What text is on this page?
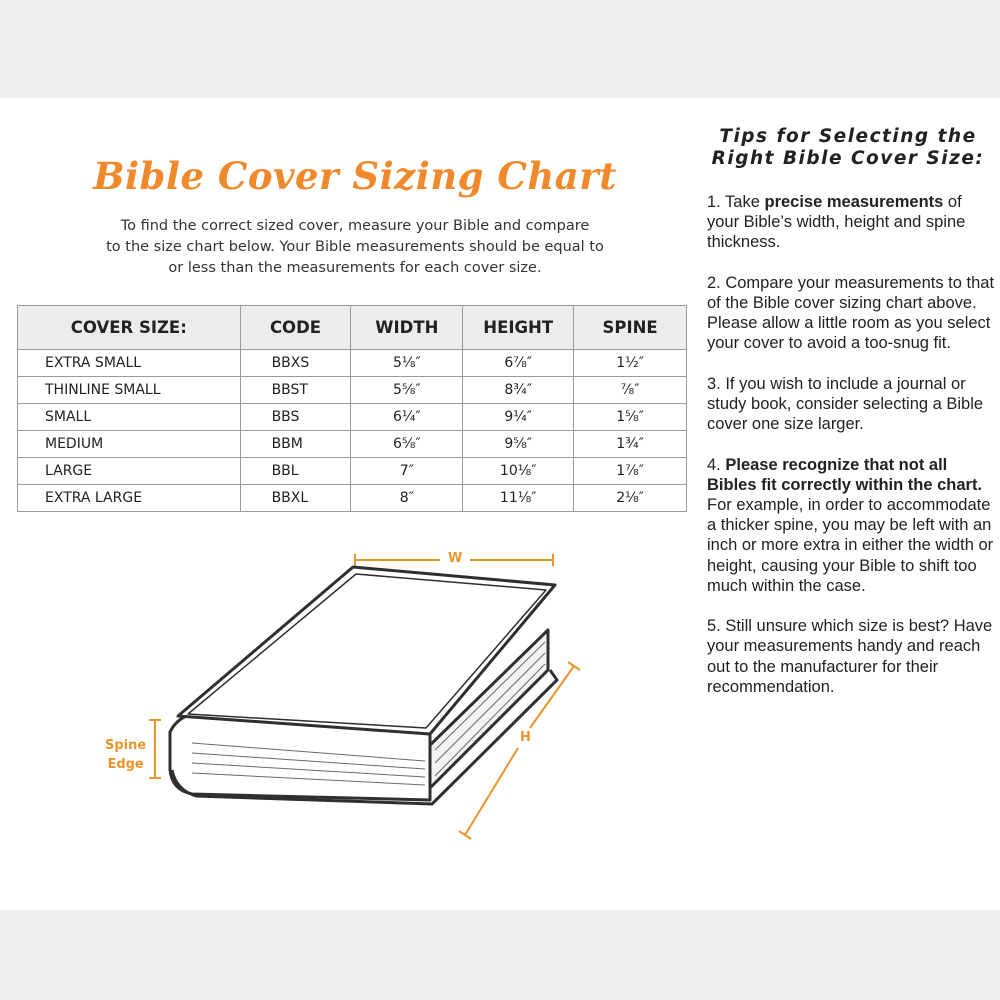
Bible Cover Sizing Chart
To find the correct sized cover, measure your Bible and compare
to the size chart below. Your Bible measurements should be equal to
or less than the measurements for each cover size.
COVER SIZE:	CODE	WIDTH	HEIGHT	SPINE
EXTRA SMALL	BBXS	5⅛″	6⅞″	1½″
THINLINE SMALL	BBST	5⅝″	8¾″	⅞″
SMALL	BBS	6¼″	9¼″	1⅝″
MEDIUM	BBM	6⅝″	9⅝″	1¾″
LARGE	BBL	7″	10⅛″	1⅞″
EXTRA LARGE	BBXL	8″	11⅛″	2⅛″
W
H
Spine
Edge
Tips for Selecting the
Right Bible Cover Size:

1. Take precise measurements of your Bible’s width, height and spine thickness.

2. Compare your measurements to that of the Bible cover sizing chart above. Please allow a little room as you select your cover to avoid a too-snug fit.

3. If you wish to include a journal or study book, consider selecting a Bible cover one size larger.

4. Please recognize that not all Bibles fit correctly within the chart. For example, in order to accommodate a thicker spine, you may be left with an inch or more extra in either the width or height, causing your Bible to shift too much within the case.

5. Still unsure which size is best? Have your measurements handy and reach out to the manufacturer for their recommendation.
